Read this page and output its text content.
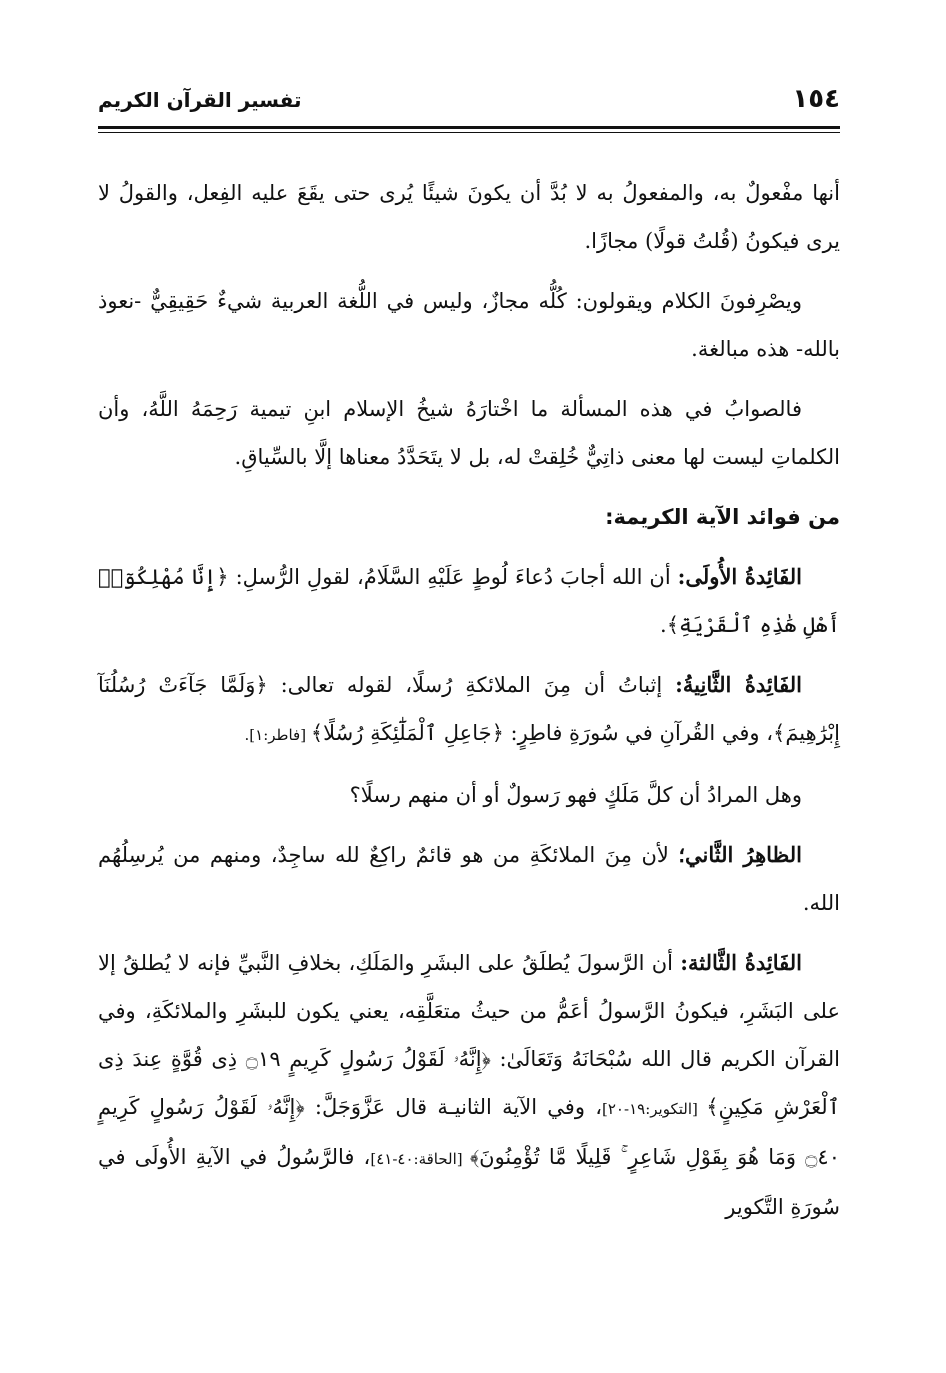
١٥٤
تفسير القرآن الكريم

أنها مفْعولٌ به، والمفعولُ به لا بُدَّ أن يكونَ شيئًا يُرى حتى يقَعَ عليه الفِعل، والقولُ لا يرى فيكونُ (قُلتُ قولًا) مجازًا.

ويصْرِفونَ الكلام ويقولون: كُلُّه مجازٌ، وليس في اللُّغة العربية شيءٌ حَقِيقِيٌّ -نعوذ بالله- هذه مبالغة.

فالصوابُ في هذه المسألة ما اخْتارَهُ شيخُ الإسلام ابنِ تيمية رَحِمَهُ اللَّهُ، وأن الكلماتِ ليست لها معنى ذاتِيٌّ خُلِقتْ له، بل لا يتَحَدَّدُ معناها إلَّا بالسِّياقِ.

من فوائد الآية الكريمة:

الفَائِدةُ الأُولَى: أن الله أجابَ دُعاءَ لُوطٍ عَلَيْهِ السَّلَامُ، لقولِ الرُّسلِ: ﴿إِنَّا مُهْلِكُوٓا۟ أَهْلِ هَٰذِهِ ٱلْقَرْيَةِ﴾.

الفَائِدةُ الثَّانِيةُ: إثباتُ أن مِنَ الملائكةِ رُسلًا، لقوله تعالى: ﴿وَلَمَّا جَآءَتْ رُسُلُنَآ إِبْرَٰهِيمَ﴾، وفي القُرآنِ في سُورَةِ فاطِرٍ: ﴿جَاعِلِ ٱلْمَلَٰٓئِكَةِ رُسُلًا﴾ [فاطر:١].

وهل المرادُ أن كلَّ مَلَكٍ فهو رَسولٌ أو أن منهم رسلًا؟

الظاهِرُ الثَّاني؛ لأن مِنَ الملائكَةِ من هو قائمٌ راكِعٌ لله ساجِدٌ، ومنهم من يُرسِلُهُم الله.

الفَائِدةُ الثَّالثة: أن الرَّسولَ يُطلَقُ على البشَرِ والمَلَكِ، بخلافِ النَّبيِّ فإنه لا يُطلقُ إلا على البَشَرِ، فيكونُ الرَّسولُ أعَمُّ من حيثُ متعَلَّقِه، يعني يكون للبشَرِ والملائكَةِ، وفي القرآن الكريم قال الله سُبْحَانَهُ وَتَعَالَىٰ: ﴿إِنَّهُۥ لَقَوْلُ رَسُولٍ كَرِيمٍ ۝١٩ ذِى قُوَّةٍ عِندَ ذِى ٱلْعَرْشِ مَكِينٍ﴾ [التكوير:١٩-٢٠]، وفي الآية الثانيـة قال عَزَّوَجَلَّ: ﴿إِنَّهُۥ لَقَوْلُ رَسُولٍ كَرِيمٍ ۝٤٠ وَمَا هُوَ بِقَوْلِ شَاعِرٍ ۚ قَلِيلًا مَّا تُؤْمِنُونَ﴾ [الحاقة:٤٠-٤١]، فالرَّسُولُ في الآيةِ الأُولَى في سُورَةِ التَّكوير
